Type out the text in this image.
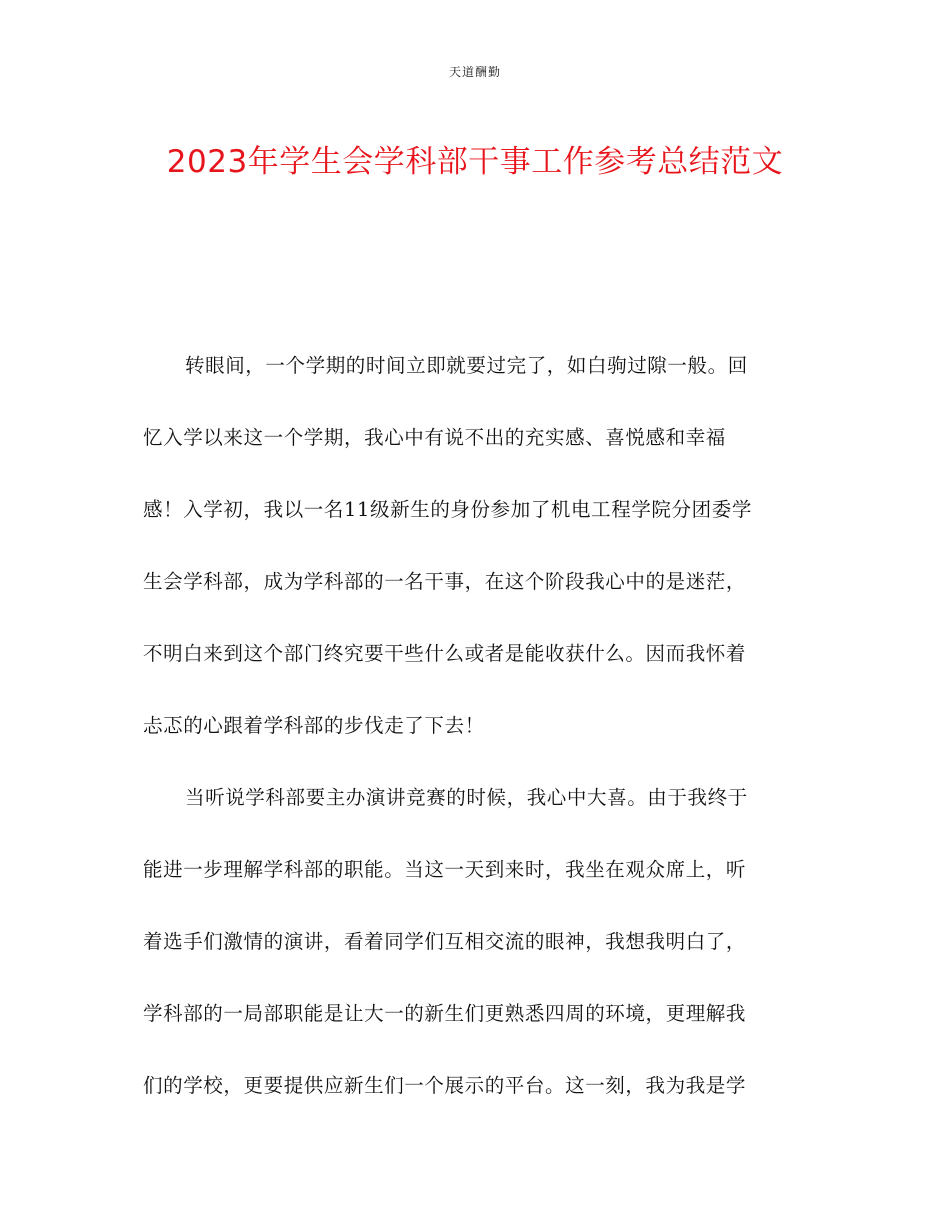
天道酬勤
2023年学生会学科部干事工作参考总结范文
转眼间，一个学期的时间立即就要过完了，如白驹过隙一般。回
忆入学以来这一个学期，我心中有说不出的充实感、喜悦感和幸福
感！入学初，我以一名11级新生的身份参加了机电工程学院分团委学
生会学科部，成为学科部的一名干事，在这个阶段我心中的是迷茫，
不明白来到这个部门终究要干些什么或者是能收获什么。因而我怀着
忐忑的心跟着学科部的步伐走了下去！
当听说学科部要主办演讲竞赛的时候，我心中大喜。由于我终于
能进一步理解学科部的职能。当这一天到来时，我坐在观众席上，听
着选手们激情的演讲，看着同学们互相交流的眼神，我想我明白了，
学科部的一局部职能是让大一的新生们更熟悉四周的环境，更理解我
们的学校，更要提供应新生们一个展示的平台。这一刻，我为我是学
